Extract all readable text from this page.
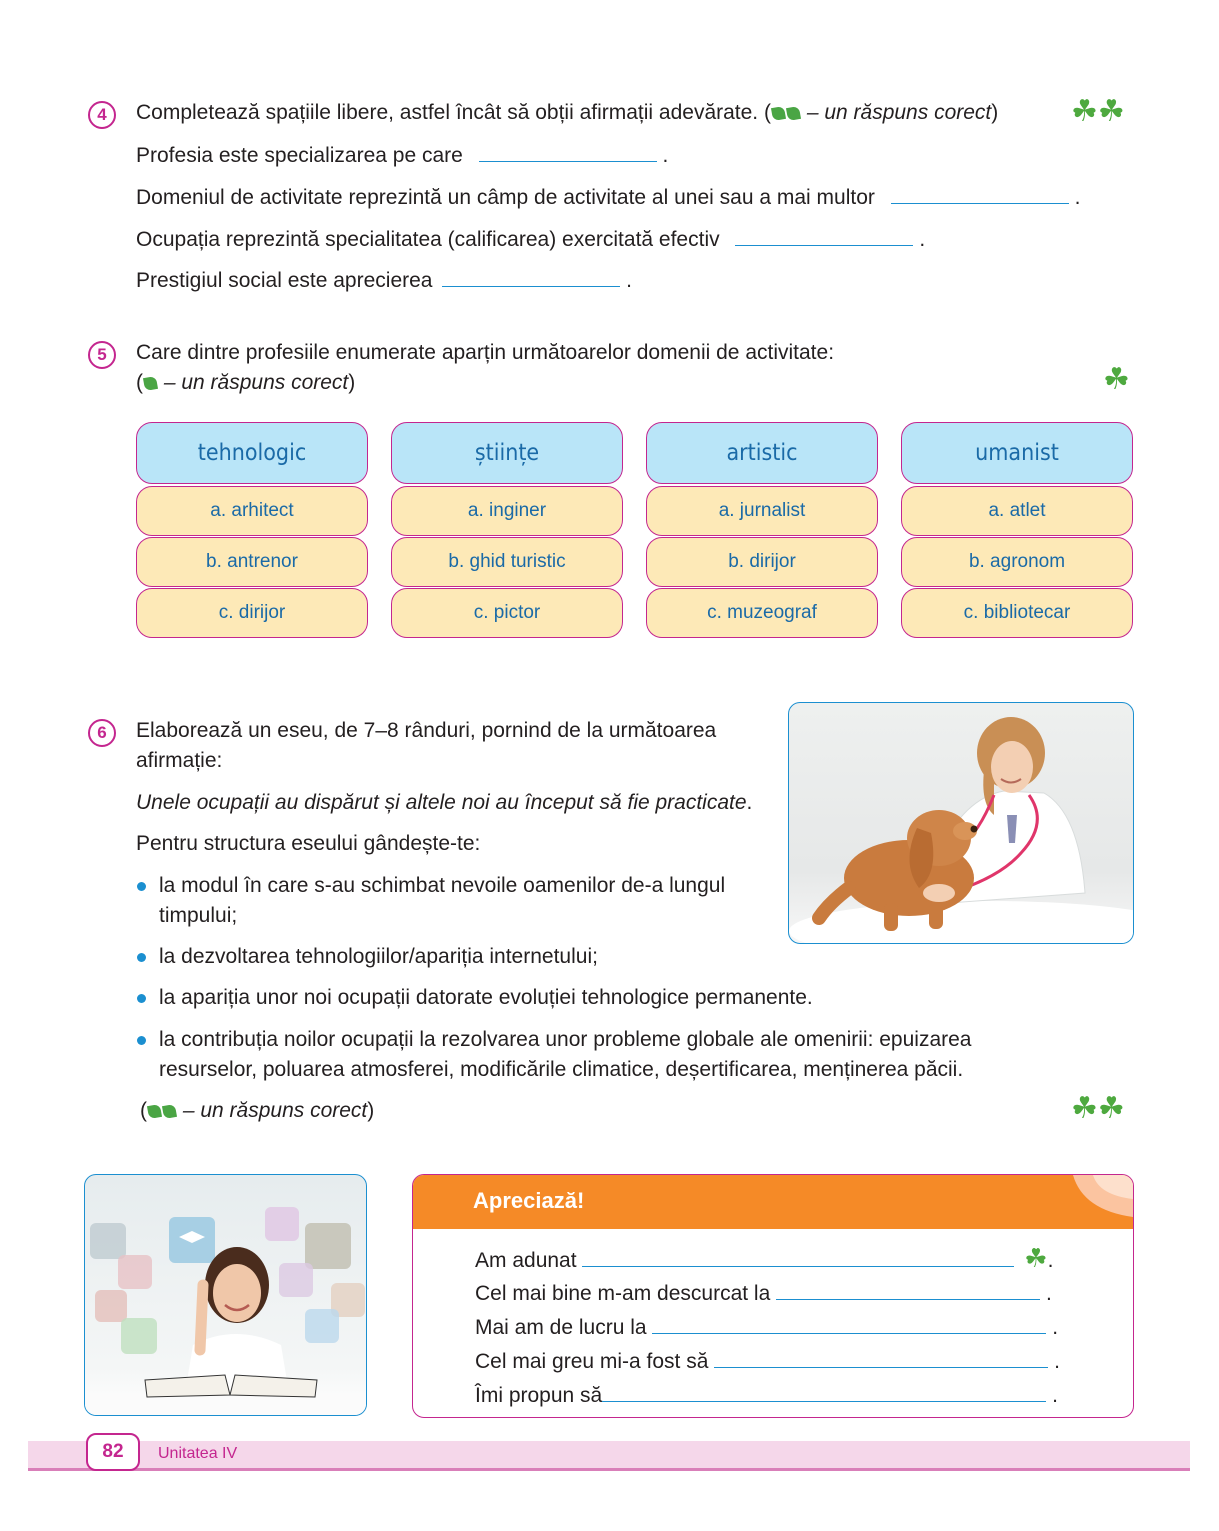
4	Completează spațiile libere, astfel încât să obții afirmații adevărate. ( – un răspuns corect) ☘☘
Profesia este specializarea pe care	.
Domeniul de activitate reprezintă un câmp de activitate al unei sau a mai multor	.
Ocupația reprezintă specialitatea (calificarea) exercitată efectiv	.
Prestigiul social este aprecierea	.
5	Care dintre profesiile enumerate aparțin următoarelor domenii de activitate:
( – un răspuns corect)	☘
tehnologic
a. arhitect
b. antrenor
c. dirijor
științe
a. inginer
b. ghid turistic
c. pictor
artistic
a. jurnalist
b. dirijor
c. muzeograf
umanist
a. atlet
b. agronom
c. bibliotecar
6	Elaborează un eseu, de 7–8 rânduri, pornind de la următoarea
afirmație:
Unele ocupații au dispărut și altele noi au început să fie practicate.
Pentru structura eseului gândește-te:
la modul în care s-au schimbat nevoile oamenilor de-a lungul
timpului;
la dezvoltarea tehnologiilor/apariția internetului;
la apariția unor noi ocupații datorate evoluției tehnologice permanente.
la contribuția noilor ocupații la rezolvarea unor probleme globale ale omenirii: epuizarea
resurselor, poluarea atmosferei, modificările climatice, deșertificarea, menținerea păcii.
( – un răspuns corect)	☘☘
Apreciază!
Am adunat	☘.
Cel mai bine m-am descurcat la	.
Mai am de lucru la	.
Cel mai greu mi-a fost să	.
Îmi propun să	.
82	Unitatea IV
